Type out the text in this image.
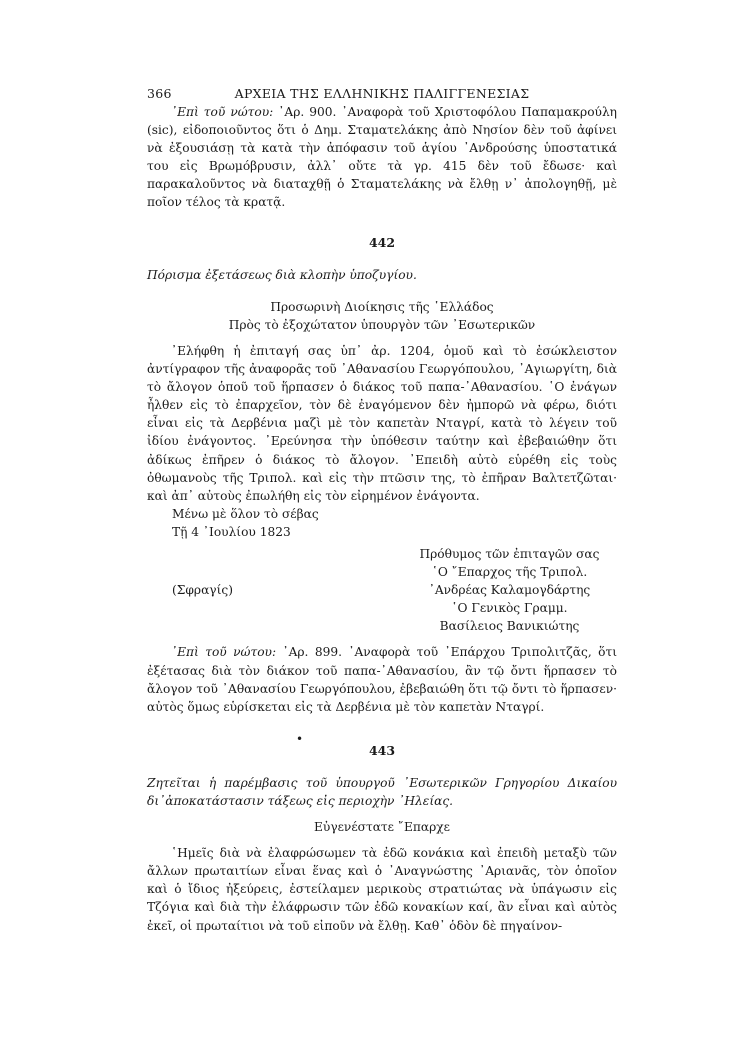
366	ΑΡΧΕΙΑ ΤΗΣ ΕΛΛΗΝΙΚΗΣ ΠΑΛΙΓΓΕΝΕΣΙΑΣ

᾽Επὶ τοῦ νώτου: ᾽Αρ. 900. ᾽Αναφορὰ τοῦ Χριστοφόλου Παπαμακρούλη (sic), εἰδοποιοῦντος ὅτι ὁ Δημ. Σταματελάκης ἀπὸ Νησίον δὲν τοῦ ἀφίνει νὰ ἐξουσιάσῃ τὰ κατὰ τὴν ἀπόφασιν τοῦ ἁγίου ᾽Ανδρούσης ὑποστατικά του εἰς Βρωμόβρυσιν, ἀλλ᾽ οὔτε τὰ γρ. 415 δὲν τοῦ ἔδωσε· καὶ παρακαλοῦντος νὰ διαταχθῇ ὁ Σταματελάκης νὰ ἔλθῃ ν᾽ ἀπολογηθῇ, μὲ ποῖον τέλος τὰ κρατᾷ.

442

Πόρισμα ἐξετάσεως διὰ κλοπὴν ὑποζυγίου.

Προσωρινὴ Διοίκησις τῆς ῾Ελλάδος

Πρὸς τὸ ἐξοχώτατον ὑπουργὸν τῶν ᾽Εσωτερικῶν

᾽Ελήφθη ἡ ἐπιταγή σας ὑπ᾽ ἀρ. 1204, ὁμοῦ καὶ τὸ ἐσώκλειστον ἀντίγραφον τῆς ἀναφορᾶς τοῦ ᾽Αθανασίου Γεωργόπουλου, ᾽Αγιωργίτη, διὰ τὸ ἄλογον ὁποῦ τοῦ ἥρπασεν ὁ διάκος τοῦ παπα-᾽Αθανασίου. ῾Ο ἐνάγων ἦλθεν εἰς τὸ ἐπαρχεῖον, τὸν δὲ ἐναγόμενον δὲν ἠμπορῶ νὰ φέρω, διότι εἶναι εἰς τὰ Δερβένια μαζὶ μὲ τὸν καπετὰν Νταγρί, κατὰ τὸ λέγειν τοῦ ἰδίου ἐνάγοντος. ᾽Ερεύνησα τὴν ὑπόθεσιν ταύτην καὶ ἐβεβαιώθην ὅτι ἀδίκως ἐπῆρεν ὁ διάκος τὸ ἄλογον. ᾽Επειδὴ αὐτὸ εὑρέθη εἰς τοὺς ὀθωμανοὺς τῆς Τριπολ. καὶ εἰς τὴν πτῶσιν της, τὸ ἐπῆραν Βαλτετζῶται· καὶ ἀπ᾽ αὐτοὺς ἐπωλήθη εἰς τὸν εἰρημένον ἐνάγοντα.

Μένω μὲ ὅλον τὸ σέβας

Τῇ 4 ᾽Ιουλίου 1823

(Σφραγίς)
Πρόθυμος τῶν ἐπιταγῶν σας
῾Ο ῎Επαρχος τῆς Τριπολ.
᾽Ανδρέας Καλαμογδάρτης
῾Ο Γενικὸς Γραμμ.
Βασίλειος Βανικιώτης

᾽Επὶ τοῦ νώτου: ᾽Αρ. 899. ᾽Αναφορὰ τοῦ ᾽Επάρχου Τριπολιτζᾶς, ὅτι ἐξέτασας διὰ τὸν διάκον τοῦ παπα-᾽Αθανασίου, ἂν τῷ ὄντι ἥρπασεν τὸ ἄλογον τοῦ ᾽Αθανασίου Γεωργόπουλου, ἐβεβαιώθη ὅτι τῷ ὄντι τὸ ἥρπασεν· αὐτὸς ὅμως εὑρίσκεται εἰς τὰ Δερβένια μὲ τὸν καπετὰν Νταγρί.

•

443

Ζητεῖται ἡ παρέμβασις τοῦ ὑπουργοῦ ᾽Εσωτερικῶν Γρηγορίου Δικαίου δι᾽ἀποκατάστασιν τάξεως εἰς περιοχὴν ᾽Ηλείας.

Εὐγενέστατε ῎Επαρχε

῾Ημεῖς διὰ νὰ ἐλαφρώσωμεν τὰ ἐδῶ κονάκια καὶ ἐπειδὴ μεταξὺ τῶν ἄλλων πρωταιτίων εἶναι ἕνας καὶ ὁ ᾽Αναγνώστης ᾽Αριανᾶς, τὸν ὁποῖον καὶ ὁ ἴδιος ἠξεύρεις, ἐστείλαμεν μερικοὺς στρατιώτας νὰ ὑπάγωσιν εἰς Τζόγια καὶ διὰ τὴν ἐλάφρωσιν τῶν ἐδῶ κονακίων καί, ἂν εἶναι καὶ αὐτὸς ἐκεῖ, οἱ πρωταίτιοι νὰ τοῦ εἰποῦν νὰ ἔλθῃ. Καθ᾽ ὁδὸν δὲ πηγαίνον-
